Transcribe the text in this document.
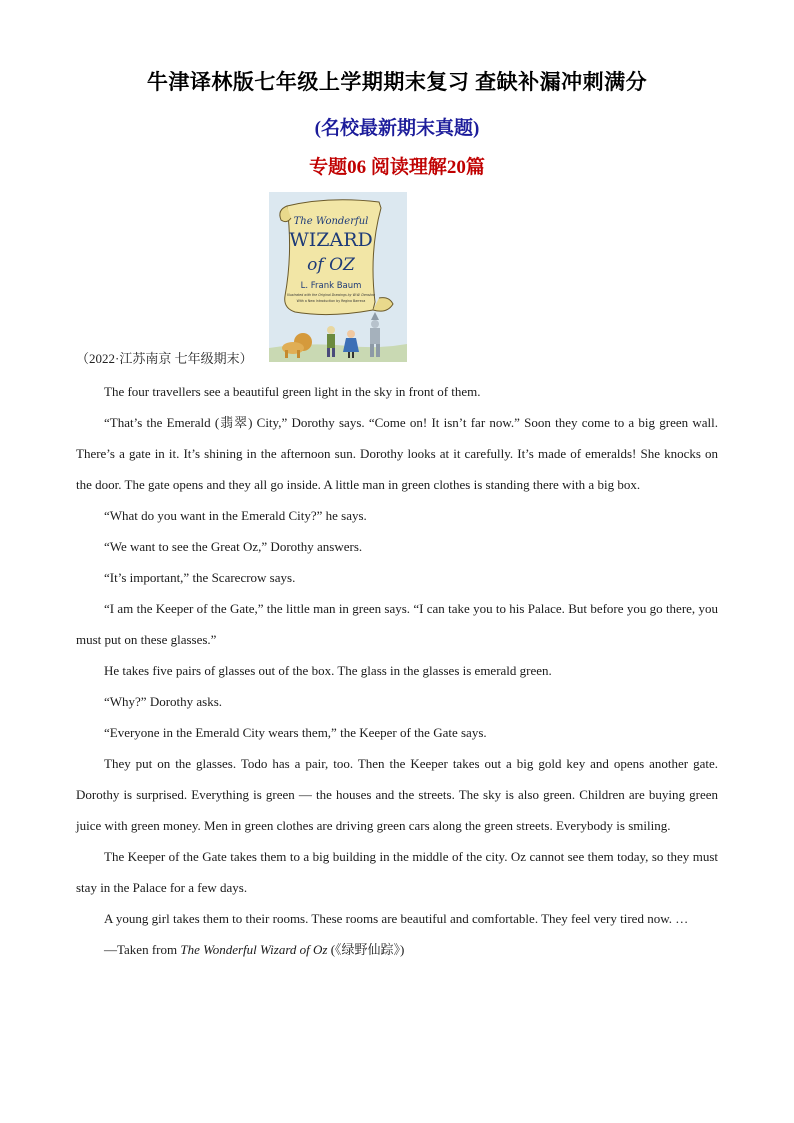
牛津译林版七年级上学期期末复习 查缺补漏冲刺满分
(名校最新期末真题)
专题06 阅读理解20篇
The Wonderful
WIZARD
of OZ
L. Frank Baum
Illustrated with the Original Drawings by W.W. Denslow
With a New Introduction by Regina Barreca
（2022·江苏南京 七年级期末）

The four travellers see a beautiful green light in the sky in front of them.

“That’s the Emerald (翡翠) City,” Dorothy says. “Come on! It isn’t far now.” Soon they come to a big green wall. There’s a gate in it. It’s shining in the afternoon sun. Dorothy looks at it carefully. It’s made of emeralds! She knocks on the door. The gate opens and they all go inside. A little man in green clothes is standing there with a big box.

“What do you want in the Emerald City?” he says.

“We want to see the Great Oz,” Dorothy answers.

“It’s important,” the Scarecrow says.

“I am the Keeper of the Gate,” the little man in green says. “I can take you to his Palace. But before you go there, you must put on these glasses.”

He takes five pairs of glasses out of the box. The glass in the glasses is emerald green.

“Why?” Dorothy asks.

“Everyone in the Emerald City wears them,” the Keeper of the Gate says.

They put on the glasses. Todo has a pair, too. Then the Keeper takes out a big gold key and opens another gate. Dorothy is surprised. Everything is green — the houses and the streets. The sky is also green. Children are buying green juice with green money. Men in green clothes are driving green cars along the green streets. Everybody is smiling.

The Keeper of the Gate takes them to a big building in the middle of the city. Oz cannot see them today, so they must stay in the Palace for a few days.

A young girl takes them to their rooms. These rooms are beautiful and comfortable. They feel very tired now. …

—Taken from The Wonderful Wizard of Oz (《绿野仙踪》)
